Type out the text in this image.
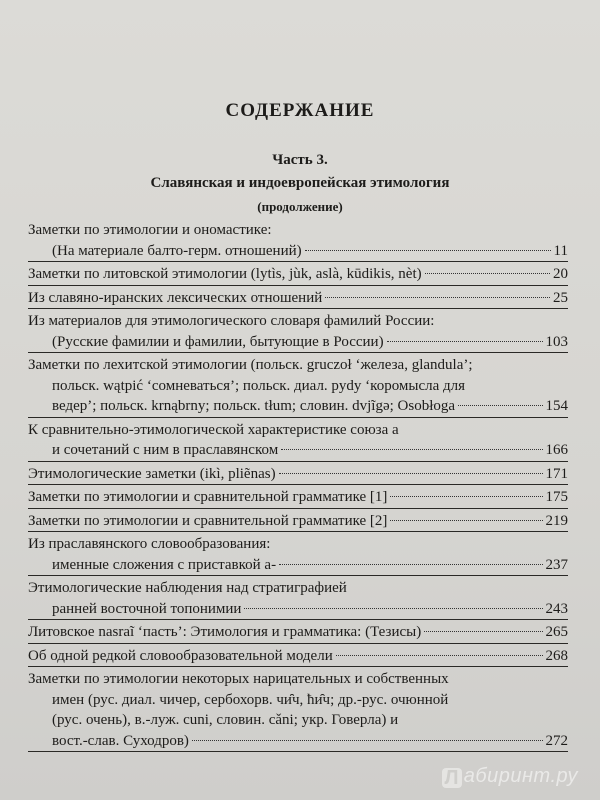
СОДЕРЖАНИЕ
Часть 3.
Славянская и индоевропейская этимология
(продолжение)
Заметки по этимологии и ономастике:
(На материале балто-герм. отношений)	11
Заметки по литовской этимологии (lytìs, jùk, aslà, kūdikis, nèt)	20
Из славяно-иранских лексических отношений	25
Из материалов для этимологического словаря фамилий России:
(Русские фамилии и фамилии, бытующие в России)	103
Заметки по лехитской этимологии (польск. gruczoł ‘железа, glandula’;
польск. wątpić ‘сомневаться’; польск. диал. pydy ‘коромысла для
ведер’; польск. krnąbrny; польск. tłum; словин. dvjĩgǝ; Osobłoga	154
К сравнительно-этимологической характеристике союза а
и сочетаний с ним в праславянском	166
Этимологические заметки (ikì, pliẽnas)	171
Заметки по этимологии и сравнительной грамматике [1]	175
Заметки по этимологии и сравнительной грамматике [2]	219
Из праславянского словообразования:
именные сложения с приставкой а-	237
Этимологические наблюдения над стратиграфией
ранней восточной топонимии	243
Литовское nasraĩ ‘пасть’: Этимология и грамматика: (Тезисы)	265
Об одной редкой словообразовательной модели	268
Заметки по этимологии некоторых нарицательных и собственных
имен (рус. диал. чичер, сербохорв. чи̑ч, ћи̑ч; др.-рус. очюнной
(рус. очень), в.-луж. cuni, словин. cǎni; укр. Говерла) и
вост.-слав. Суходров)	272
Л абиринт.ру
